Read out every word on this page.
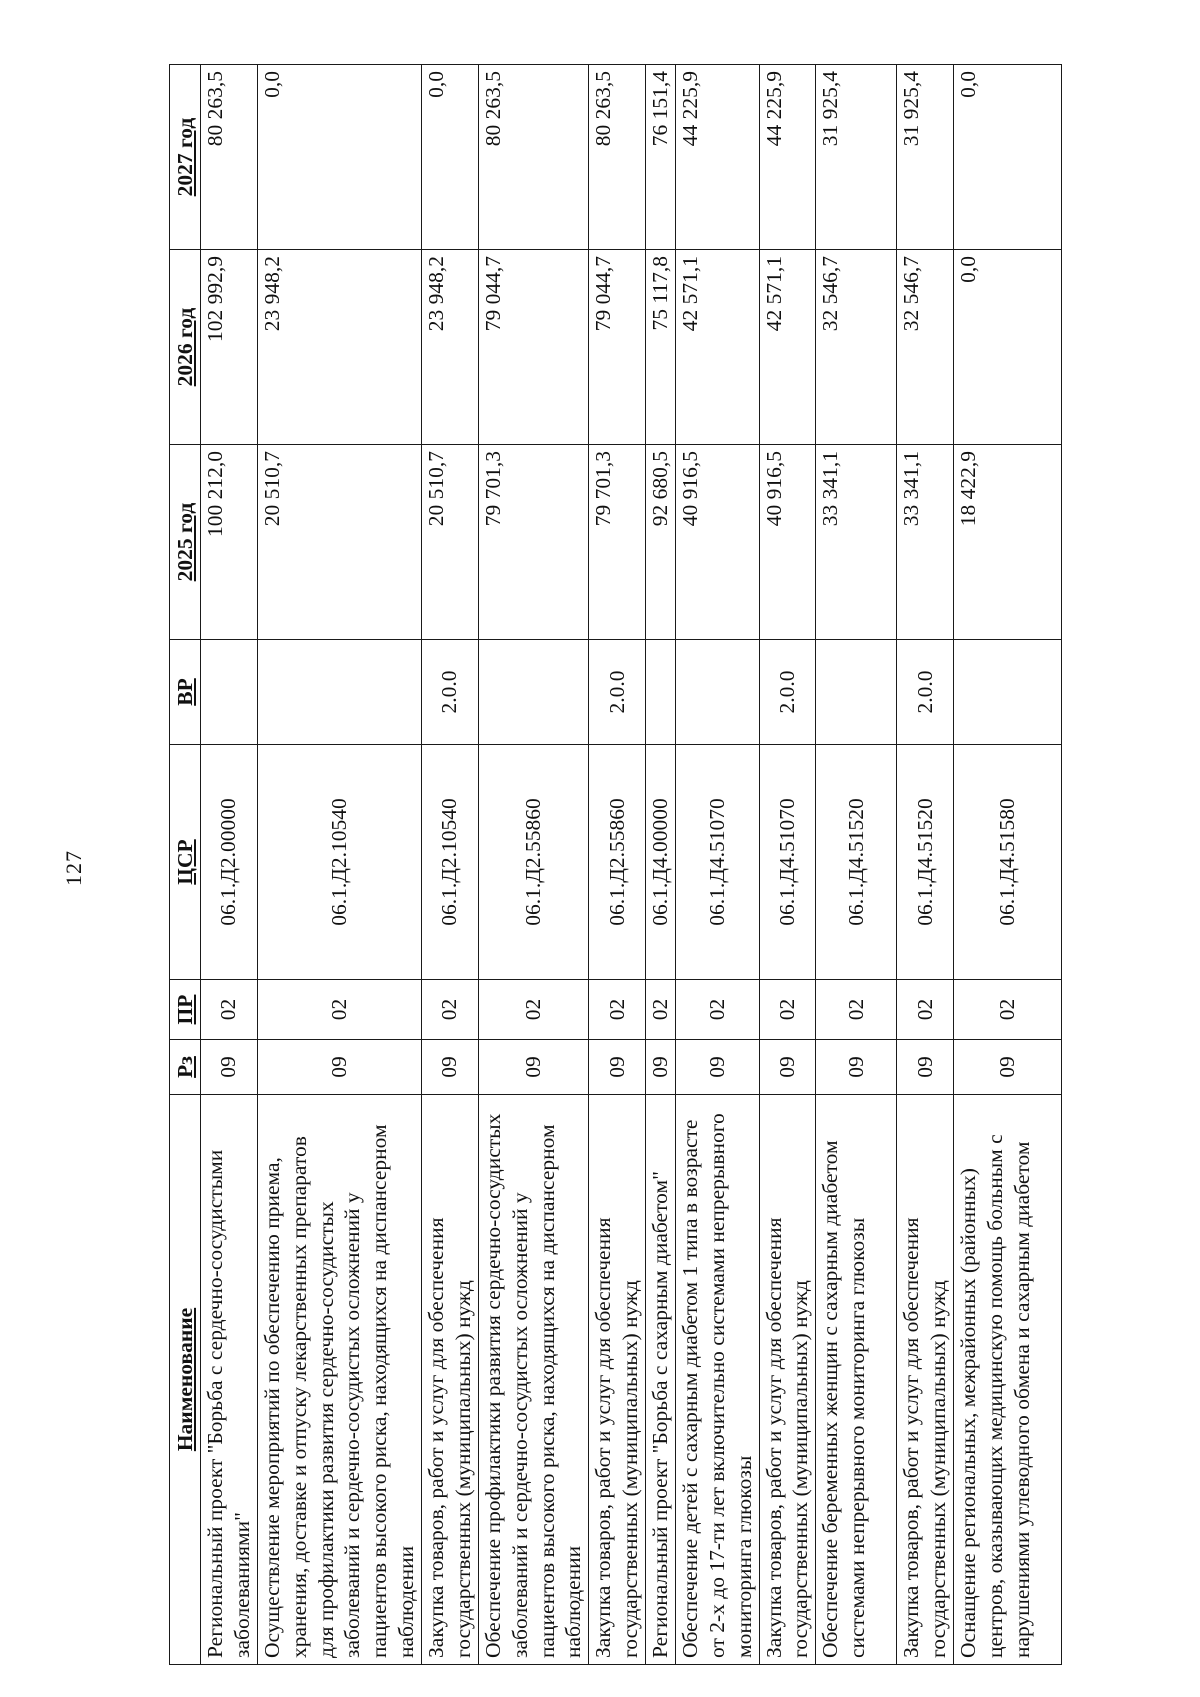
127
Наименование	Рз	ПР	ЦСР	ВР	2025 год	2026 год	2027 год
Региональный проект "Борьба с сердечно-сосудистыми заболеваниями"	09	02	06.1.Д2.00000		100 212,0	102 992,9	80 263,5
Осуществление мероприятий по обеспечению приема, хранения, доставке и отпуску лекарственных препаратов для профилактики развития сердечно-сосудистых заболеваний и сердечно-сосудистых осложнений у пациентов высокого риска, находящихся на диспансерном наблюдении	09	02	06.1.Д2.10540		20 510,7	23 948,2	0,0
Закупка товаров, работ и услуг для обеспечения государственных (муниципальных) нужд	09	02	06.1.Д2.10540	2.0.0	20 510,7	23 948,2	0,0
Обеспечение профилактики развития сердечно-сосудистых заболеваний и сердечно-сосудистых осложнений у пациентов высокого риска, находящихся на диспансерном наблюдении	09	02	06.1.Д2.55860		79 701,3	79 044,7	80 263,5
Закупка товаров, работ и услуг для обеспечения государственных (муниципальных) нужд	09	02	06.1.Д2.55860	2.0.0	79 701,3	79 044,7	80 263,5
Региональный проект "Борьба с сахарным диабетом"	09	02	06.1.Д4.00000		92 680,5	75 117,8	76 151,4
Обеспечение детей с сахарным диабетом 1 типа в возрасте от 2-х до 17-ти лет включительно системами непрерывного мониторинга глюкозы	09	02	06.1.Д4.51070		40 916,5	42 571,1	44 225,9
Закупка товаров, работ и услуг для обеспечения государственных (муниципальных) нужд	09	02	06.1.Д4.51070	2.0.0	40 916,5	42 571,1	44 225,9
Обеспечение беременных женщин с сахарным диабетом системами непрерывного мониторинга глюкозы	09	02	06.1.Д4.51520		33 341,1	32 546,7	31 925,4
Закупка товаров, работ и услуг для обеспечения государственных (муниципальных) нужд	09	02	06.1.Д4.51520	2.0.0	33 341,1	32 546,7	31 925,4
Оснащение региональных, межрайонных (районных) центров, оказывающих медицинскую помощь больным с нарушениями углеводного обмена и сахарным диабетом	09	02	06.1.Д4.51580		18 422,9	0,0	0,0
